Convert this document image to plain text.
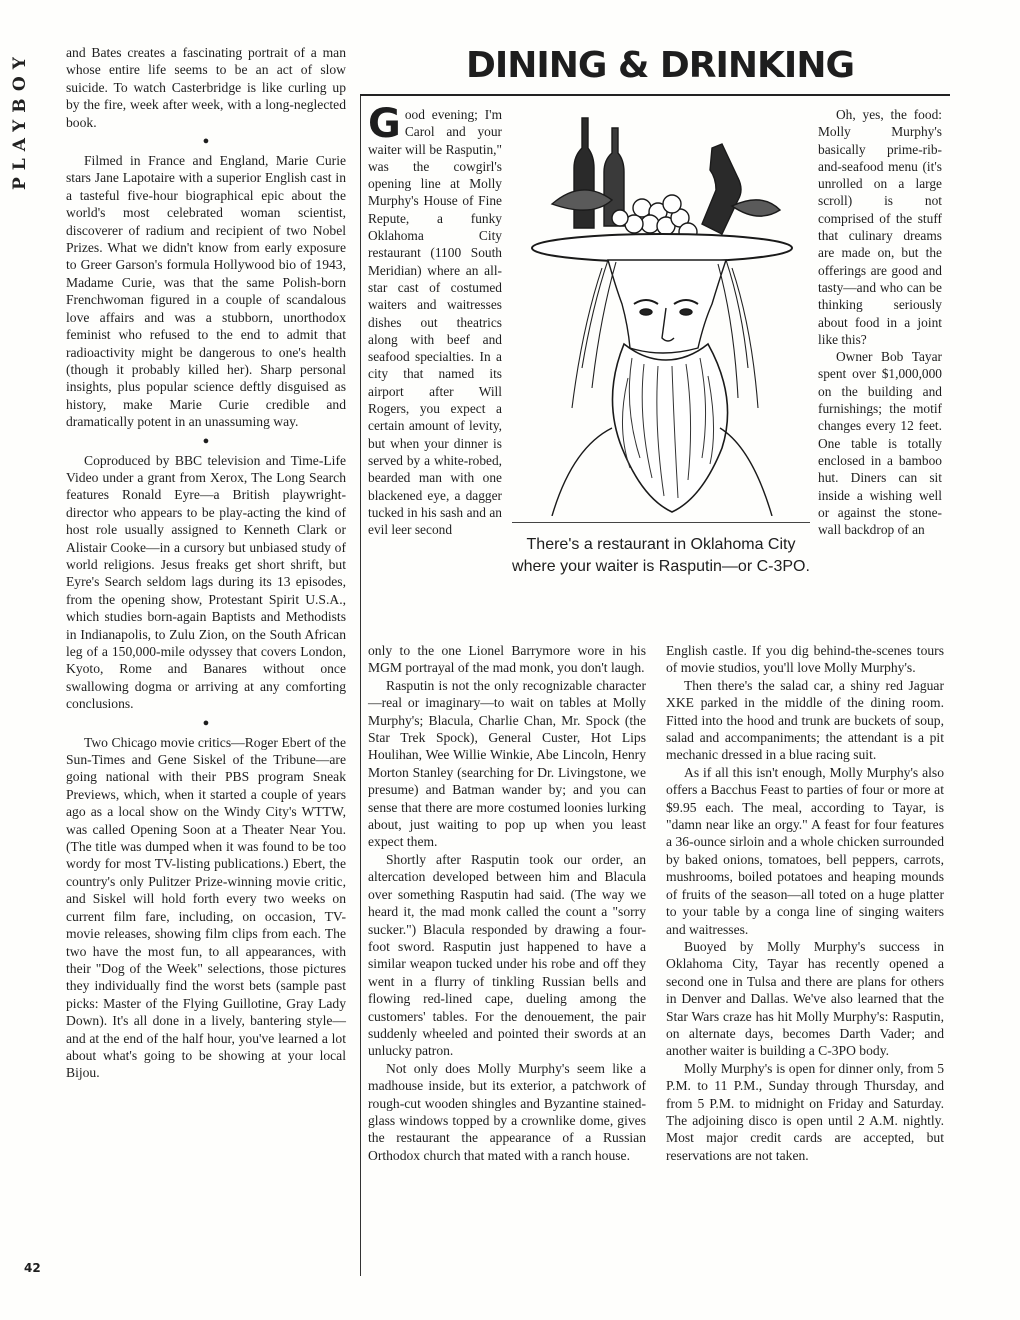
PLAYBOY
42

and Bates creates a fascinating portrait of a man whose entire life seems to be an act of slow suicide. To watch Casterbridge is like curling up by the fire, week after week, with a long-neglected book.

●

Filmed in France and England, Marie Curie stars Jane Lapotaire with a superior English cast in a tasteful five-hour biographical epic about the world's most celebrated woman scientist, discoverer of radium and recipient of two Nobel Prizes. What we didn't know from early exposure to Greer Garson's formula Hollywood bio of 1943, Madame Curie, was that the same Polish-born Frenchwoman figured in a couple of scandalous love affairs and was a stubborn, unorthodox feminist who refused to the end to admit that radioactivity might be dangerous to one's health (though it probably killed her). Sharp personal insights, plus popular science deftly disguised as history, make Marie Curie credible and dramatically potent in an unassuming way.

●

Coproduced by BBC television and Time-Life Video under a grant from Xerox, The Long Search features Ronald Eyre—a British playwright-director who appears to be play-acting the kind of host role usually assigned to Kenneth Clark or Alistair Cooke—in a cursory but unbiased study of world religions. Jesus freaks get short shrift, but Eyre's Search seldom lags during its 13 episodes, from the opening show, Protestant Spirit U.S.A., which studies born-again Baptists and Methodists in Indianapolis, to Zulu Zion, on the South African leg of a 150,000-mile odyssey that covers London, Kyoto, Rome and Banares without once swallowing dogma or arriving at any comforting conclusions.

●

Two Chicago movie critics—Roger Ebert of the Sun-Times and Gene Siskel of the Tribune—are going national with their PBS program Sneak Previews, which, when it started a couple of years ago as a local show on the Windy City's WTTW, was called Opening Soon at a Theater Near You. (The title was dumped when it was found to be too wordy for most TV-listing publications.) Ebert, the country's only Pulitzer Prize-winning movie critic, and Siskel will hold forth every two weeks on current film fare, including, on occasion, TV-movie releases, showing film clips from each. The two have the most fun, to all appearances, with their "Dog of the Week" selections, those pictures they individually find the worst bets (sample past picks: Master of the Flying Guillotine, Gray Lady Down). It's all done in a lively, bantering style—and at the end of the half hour, you've learned a lot about what's going to be showing at your local Bijou.

DINING & DRINKING

Good evening; I'm Carol and your waiter will be Rasputin," was the cowgirl's opening line at Molly Murphy's House of Fine Repute, a funky Oklahoma City restaurant (1100 South Meridian) where an all-star cast of costumed waiters and waitresses dishes out theatrics along with beef and seafood specialties. In a city that named its airport after Will Rogers, you expect a certain amount of levity, but when your dinner is served by a white-robed, bearded man with one blackened eye, a dagger tucked in his sash and an evil leer second

There's a restaurant in Oklahoma City where your waiter is Rasputin—or C-3PO.

Oh, yes, the food: Molly Murphy's basically prime-rib-and-seafood menu (it's unrolled on a large scroll) is not comprised of the stuff that culinary dreams are made on, but the offerings are good and tasty—and who can be thinking seriously about food in a joint like this?

Owner Bob Tayar spent over $1,000,000 on the building and furnishings; the motif changes every 12 feet. One table is totally enclosed in a bamboo hut. Diners can sit inside a wishing well or against the stone-wall backdrop of an

only to the one Lionel Barrymore wore in his MGM portrayal of the mad monk, you don't laugh.

Rasputin is not the only recognizable character—real or imaginary—to wait on tables at Molly Murphy's; Blacula, Charlie Chan, Mr. Spock (the Star Trek Spock), General Custer, Hot Lips Houlihan, Wee Willie Winkie, Abe Lincoln, Henry Morton Stanley (searching for Dr. Livingstone, we presume) and Batman wander by; and you can sense that there are more costumed loonies lurking about, just waiting to pop up when you least expect them.

Shortly after Rasputin took our order, an altercation developed between him and Blacula over something Rasputin had said. (The way we heard it, the mad monk called the count a "sorry sucker.") Blacula responded by drawing a four-foot sword. Rasputin just happened to have a similar weapon tucked under his robe and off they went in a flurry of tinkling Russian bells and flowing red-lined cape, dueling among the customers' tables. For the denouement, the pair suddenly wheeled and pointed their swords at an unlucky patron.

Not only does Molly Murphy's seem like a madhouse inside, but its exterior, a patchwork of rough-cut wooden shingles and Byzantine stained-glass windows topped by a crownlike dome, gives the restaurant the appearance of a Russian Orthodox church that mated with a ranch house.

English castle. If you dig behind-the-scenes tours of movie studios, you'll love Molly Murphy's.

Then there's the salad car, a shiny red Jaguar XKE parked in the middle of the dining room. Fitted into the hood and trunk are buckets of soup, salad and accompaniments; the attendant is a pit mechanic dressed in a blue racing suit.

As if all this isn't enough, Molly Murphy's also offers a Bacchus Feast to parties of four or more at $9.95 each. The meal, according to Tayar, is "damn near like an orgy." A feast for four features a 36-ounce sirloin and a whole chicken surrounded by baked onions, tomatoes, bell peppers, carrots, mushrooms, boiled potatoes and heaping mounds of fruits of the season—all toted on a huge platter to your table by a conga line of singing waiters and waitresses.

Buoyed by Molly Murphy's success in Oklahoma City, Tayar has recently opened a second one in Tulsa and there are plans for others in Denver and Dallas. We've also learned that the Star Wars craze has hit Molly Murphy's: Rasputin, on alternate days, becomes Darth Vader; and another waiter is building a C-3PO body.

Molly Murphy's is open for dinner only, from 5 P.M. to 11 P.M., Sunday through Thursday, and from 5 P.M. to midnight on Friday and Saturday. The adjoining disco is open until 2 A.M. nightly. Most major credit cards are accepted, but reservations are not taken.
